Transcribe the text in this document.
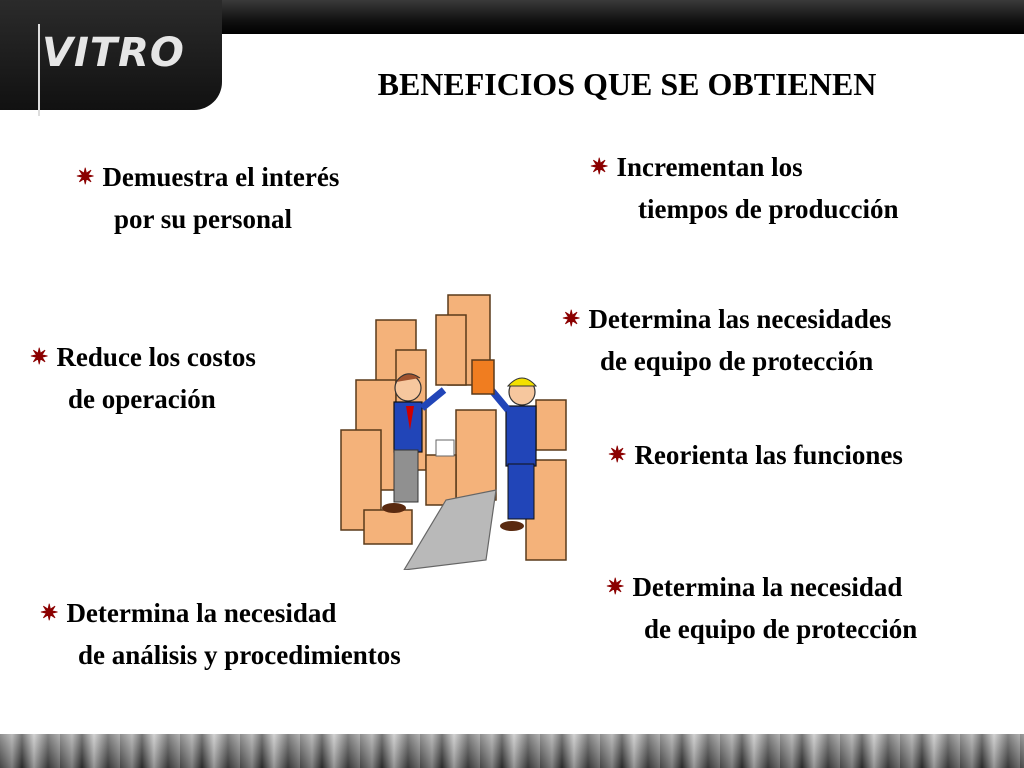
VITRO
BENEFICIOS QUE SE OBTIENEN
✷ Demuestra el interés
por su personal
✷ Incrementan los
tiempos de producción
✷ Determina las necesidades
de equipo de protección
✷ Reduce los costos
de operación
✷ Reorienta las funciones
✷ Determina la necesidad
de equipo de protección
✷ Determina la necesidad
de análisis y procedimientos
